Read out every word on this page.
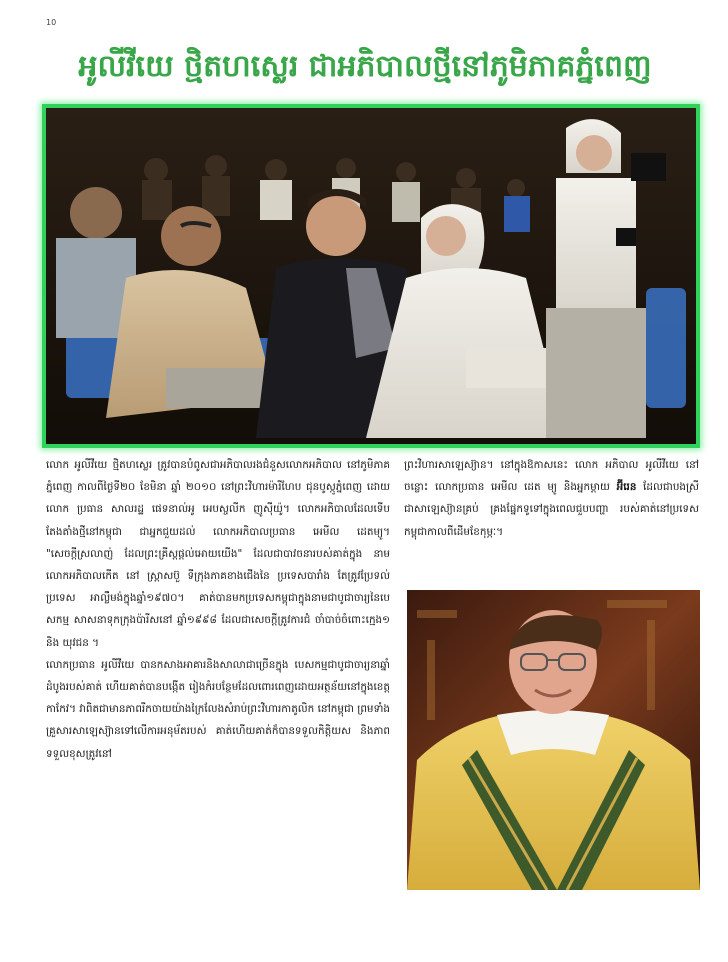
10
អូលីវីយេ ថ្មិតហស្លេរ ជាអភិបាលថ្មីនៅភូមិភាគភ្នំពេញ

លោក អូលីវីយេ ថ្មិតហស្លេរ ត្រូវបានបំពូសជាអភិបាលរងជំនួសលោកអភិបាល នៅភូមិភាគ ភ្នំពេញ កាលពីថ្ងៃទី២០ ខែមិនា ឆ្នាំ ២០១០ នៅព្រះវិហារម៉ារីហែប ជុនបូស្កូភ្នំពេញ ដោយលោក ប្រធាន សាលរដ្ឋ ផេទនាល់អូ អេបស្ចលីក ញូស៊ីយ៉ូ។ លោកអភិបាលដែលទើបតែងតាំងថ្មីនៅកម្ពុជា ជាអ្នកជួយដល់ លោកអភិបាលប្រធាន អេមីល ដេតម្យូ។ "សេចក្តីស្រលាញ់ ដែលព្រះគ្រីស្តផ្តល់អោយយើង" ដែលជាបាវចនារបស់គាត់ក្នុង នាម លោកអភិបាលកើត នៅ ស្ត្រាសប៊ួ ទីក្រុងភាគខាងជើងនៃ ប្រទេសបារាំង តែត្រូវប្រែទល់ ប្រទេស អាល្លឺមង់ក្នុងឆ្នាំ១៩៧០។ គាត់បានមកប្រទេសកម្ពុជាក្នុងនាមជាបូជាចារ្យនៃបេសកម្ម សាសនាទុកក្រុងប៉ារីសនៅ ឆ្នាំ១៩៩៨ ដែលជាសេចក្តីត្រូវការជំ ចាំបាច់ចំពោះក្មេង១ និង យុវជន ។

លោកប្រធាន អូលីវីយេ បានកសាងអាគារនិងសាលាជាច្រើនក្នុង បេសកម្មជាបូជាចារ្យនាឆ្នាំដំបូងរបស់គាត់ ហើយគាត់បានបង្កើត រៀងកំរបន្ថែមដែលពោរពេញដោយអត្ថន័យនៅក្នុងខេត្តកាកែវ។ វាពិតជាមានភាពរីកចាយយ៉ាងក្រៃលែងសំរាប់ព្រះវិហារកាតូលិក នៅកម្ពុជា ព្រមទាំង គ្រួសារសាឡេស្យ៊ានទៅលើការអនុម័តរបស់ គាត់ហើយគាត់ក៏បានទទួលកិត្តិយស និងភាពទទួលខុសត្រូវនៅ

ព្រះវិហារសាឡេស្យ៊ាន។ នៅក្នុងឱកាសនេះ លោក អភិបាល អូលីវីយេ នៅចន្លោះ លោកប្រធាន អេមីល ដេត ម្យូ និងអ្នកម្តាយ អ៊ីរេន ដែលជាបងស្រីជាសាឡេស្យ៊ានគ្រប់ គ្រងផ្នែកទូទៅក្នុងពេលជួបបញ្ហា របស់គាត់នៅប្រទេស កម្ពុជាកាលពីដើមខែកុម្ភៈ។
